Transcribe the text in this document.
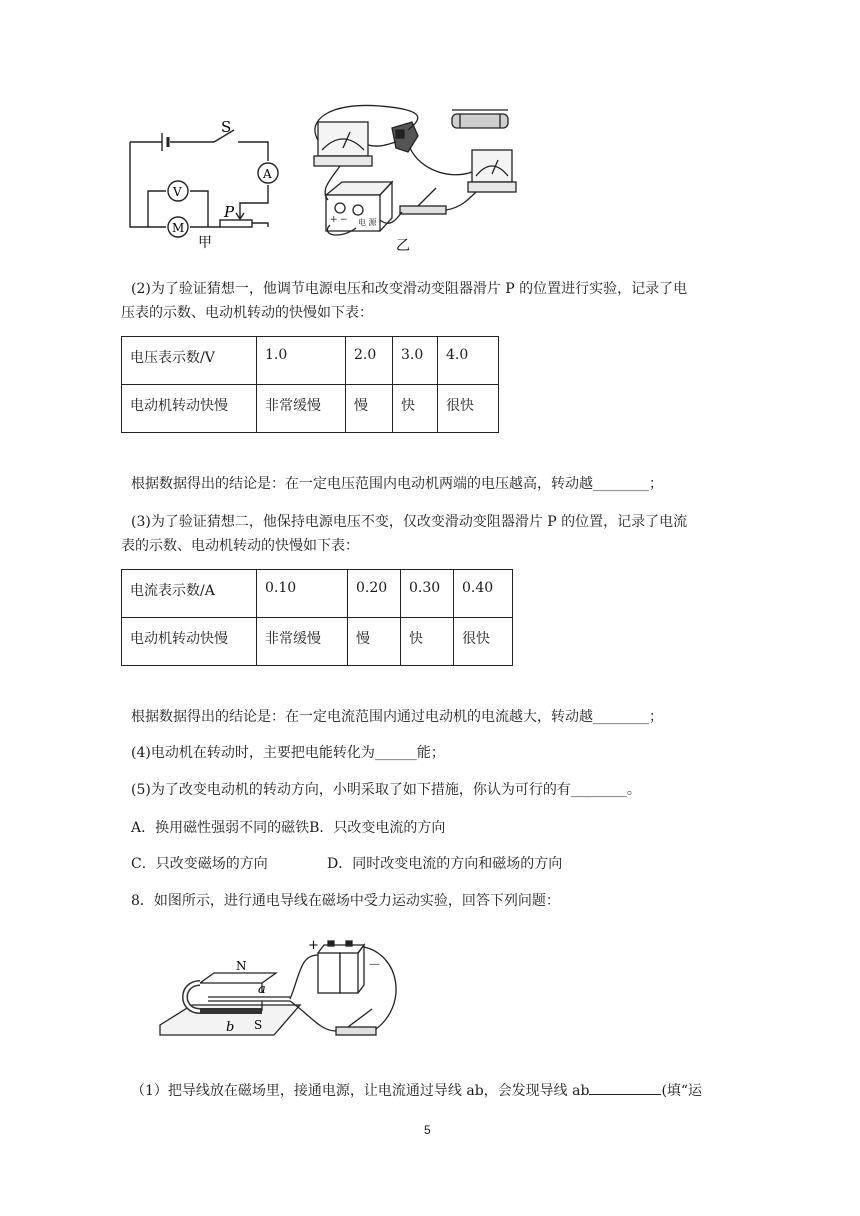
S
A
V
M
P
甲
+ − 电 源
乙
(2)为了验证猜想一，他调节电源电压和改变滑动变阻器滑片 P 的位置进行实验，记录了电
压表的示数、电动机转动的快慢如下表：
电压表示数/V	1.0	2.0	3.0	4.0
电动机转动快慢	非常缓慢	慢	快	很快
根据数据得出的结论是：在一定电压范围内电动机两端的电压越高，转动越________；
(3)为了验证猜想二，他保持电源电压不变，仅改变滑动变阻器滑片 P 的位置，记录了电流
表的示数、电动机转动的快慢如下表：
电流表示数/A	0.10	0.20	0.30	0.40
电动机转动快慢	非常缓慢	慢	快	很快
根据数据得出的结论是：在一定电流范围内通过电动机的电流越大，转动越________；
(4)电动机在转动时，主要把电能转化为______能；
(5)为了改变电动机的转动方向，小明采取了如下措施，你认为可行的有________。
A．换用磁性强弱不同的磁铁B．只改变电流的方向
C．只改变磁场的方向	D．同时改变电流的方向和磁场的方向
8．如图所示，进行通电导线在磁场中受力运动实验，回答下列问题：
N
S
a
b
+
－
（1）把导线放在磁场里，接通电源，让电流通过导线 ab，会发现导线 ab	(填“运
5
